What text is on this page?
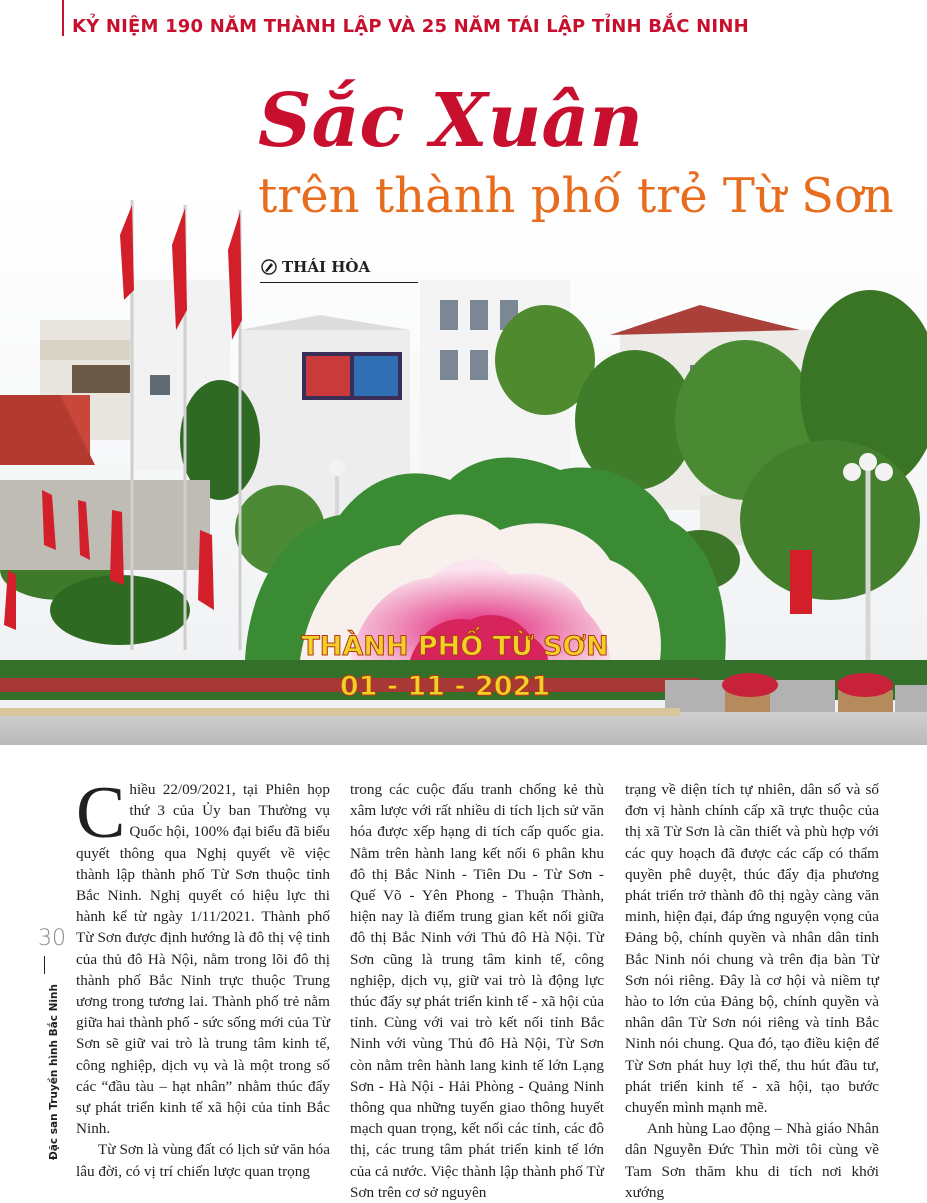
KỶ NIỆM 190 NĂM THÀNH LẬP VÀ 25 NĂM TÁI LẬP TỈNH BẮC NINH
THÀNH PHỐ TỪ SƠN
01 - 11 - 2021
Sắc Xuân
trên thành phố trẻ Từ Sơn
THÁI HÒA
30
Đặc san Truyền hình Bắc Ninh

Chiều 22/09/2021, tại Phiên họp thứ 3 của Ủy ban Thường vụ Quốc hội, 100% đại biểu đã biểu quyết thông qua Nghị quyết về việc thành lập thành phố Từ Sơn thuộc tỉnh Bắc Ninh. Nghị quyết có hiệu lực thi hành kể từ ngày 1/11/2021. Thành phố Từ Sơn được định hướng là đô thị vệ tinh của thủ đô Hà Nội, nằm trong lõi đô thị thành phố Bắc Ninh trực thuộc Trung ương trong tương lai. Thành phố trẻ nằm giữa hai thành phố - sức sống mới của Từ Sơn sẽ giữ vai trò là trung tâm kinh tế, công nghiệp, dịch vụ và là một trong số các “đầu tàu – hạt nhân” nhằm thúc đẩy sự phát triển kinh tế xã hội của tỉnh Bắc Ninh.

Từ Sơn là vùng đất có lịch sử văn hóa lâu đời, có vị trí chiến lược quan trọng

trong các cuộc đấu tranh chống kẻ thù xâm lược với rất nhiều di tích lịch sử văn hóa được xếp hạng di tích cấp quốc gia. Nằm trên hành lang kết nối 6 phân khu đô thị Bắc Ninh - Tiên Du - Từ Sơn - Quế Võ - Yên Phong - Thuận Thành, hiện nay là điểm trung gian kết nối giữa đô thị Bắc Ninh với Thủ đô Hà Nội. Từ Sơn cũng là trung tâm kinh tế, công nghiệp, dịch vụ, giữ vai trò là động lực thúc đẩy sự phát triển kinh tế - xã hội của tỉnh. Cùng với vai trò kết nối tỉnh Bắc Ninh với vùng Thủ đô Hà Nội, Từ Sơn còn nằm trên hành lang kinh tế lớn Lạng Sơn - Hà Nội - Hải Phòng - Quảng Ninh thông qua những tuyến giao thông huyết mạch quan trọng, kết nối các tỉnh, các đô thị, các trung tâm phát triển kinh tế lớn của cả nước. Việc thành lập thành phố Từ Sơn trên cơ sở nguyên

trạng về diện tích tự nhiên, dân số và số đơn vị hành chính cấp xã trực thuộc của thị xã Từ Sơn là cần thiết và phù hợp với các quy hoạch đã được các cấp có thẩm quyền phê duyệt, thúc đẩy địa phương phát triển trở thành đô thị ngày càng văn minh, hiện đại, đáp ứng nguyện vọng của Đảng bộ, chính quyền và nhân dân tỉnh Bắc Ninh nói chung và trên địa bàn Từ Sơn nói riêng. Đây là cơ hội và niềm tự hào to lớn của Đảng bộ, chính quyền và nhân dân Từ Sơn nói riêng và tỉnh Bắc Ninh nói chung. Qua đó, tạo điều kiện để Từ Sơn phát huy lợi thế, thu hút đầu tư, phát triển kinh tế - xã hội, tạo bước chuyển mình mạnh mẽ.

Anh hùng Lao động – Nhà giáo Nhân dân Nguyễn Đức Thìn mời tôi cùng về Tam Sơn thăm khu di tích nơi khởi xướng
